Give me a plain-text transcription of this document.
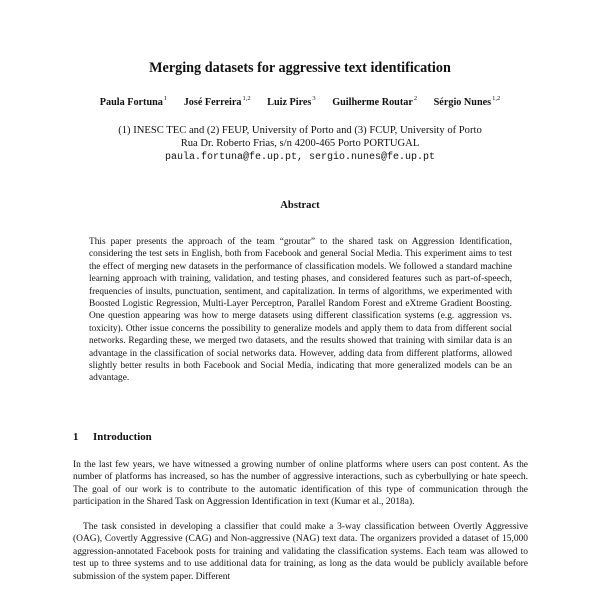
Merging datasets for aggressive text identification
Paula Fortuna$^1$ José Ferreira$^{1,2}$ Luiz Pires$^3$ Guilherme Routar$^2$ Sérgio Nunes$^{1,2}$
(1) INESC TEC and (2) FEUP, University of Porto and (3) FCUP, University of Porto
Rua Dr. Roberto Frias, s/n 4200-465 Porto PORTUGAL
paula.fortuna@fe.up.pt, sergio.nunes@fe.up.pt
Abstract

This paper presents the approach of the team “groutar” to the shared task on Aggression Identification, considering the test sets in English, both from Facebook and general Social Media. This experiment aims to test the effect of merging new datasets in the performance of classification models. We followed a standard machine learning approach with training, validation, and testing phases, and considered features such as part-of-speech, frequencies of insults, punctuation, sentiment, and capitalization. In terms of algorithms, we experimented with Boosted Logistic Regression, Multi-Layer Perceptron, Parallel Random Forest and eXtreme Gradient Boosting. One question appearing was how to merge datasets using different classification systems (e.g. aggression vs. toxicity). Other issue concerns the possibility to generalize models and apply them to data from different social networks. Regarding these, we merged two datasets, and the results showed that training with similar data is an advantage in the classification of social networks data. However, adding data from different platforms, allowed slightly better results in both Facebook and Social Media, indicating that more generalized models can be an advantage.

1 Introduction

In the last few years, we have witnessed a growing number of online platforms where users can post content. As the number of platforms has increased, so has the number of aggressive interactions, such as cyberbullying or hate speech. The goal of our work is to contribute to the automatic identification of this type of communication through the participation in the Shared Task on Aggression Identification in text (Kumar et al., 2018a).

The task consisted in developing a classifier that could make a 3-way classification between Overtly Aggressive (OAG), Covertly Aggressive (CAG) and Non-aggressive (NAG) text data. The organizers provided a dataset of 15,000 aggression-annotated Facebook posts for training and validating the classification systems. Each team was allowed to test up to three systems and to use additional data for training, as long as the data would be publicly available before submission of the system paper. Different
